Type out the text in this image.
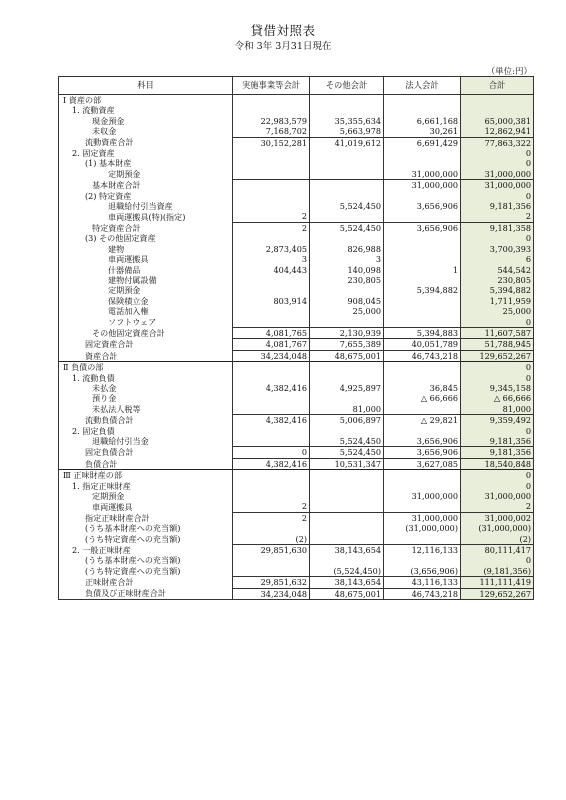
貸借対照表
令和 3年 3月31日現在
（単位:円）
科目	実施事業等会計	その他会計	法人会計	合計
Ⅰ 資産の部				
1. 流動資産				
現金預金	22,983,579	35,355,634	6,661,168	65,000,381
未収金	7,168,702	5,663,978	30,261	12,862,941
流動資産合計	30,152,281	41,019,612	6,691,429	77,863,322
2. 固定資産				0
(1) 基本財産				0
定期預金			31,000,000	31,000,000
基本財産合計			31,000,000	31,000,000
(2) 特定資産				0
退職給付引当資産		5,524,450	3,656,906	9,181,356
車両運搬具(特)(指定)	2			2
特定資産合計	2	5,524,450	3,656,906	9,181,358
(3) その他固定資産				0
建物	2,873,405	826,988		3,700,393
車両運搬具	3	3		6
什器備品	404,443	140,098	1	544,542
建物付属設備		230,805		230,805
定期預金			5,394,882	5,394,882
保険積立金	803,914	908,045		1,711,959
電話加入権		25,000		25,000
ソフトウェア				0
その他固定資産合計	4,081,765	2,130,939	5,394,883	11,607,587
固定資産合計	4,081,767	7,655,389	40,051,789	51,788,945
資産合計	34,234,048	48,675,001	46,743,218	129,652,267
Ⅱ 負債の部				0
1. 流動負債				0
未払金	4,382,416	4,925,897	36,845	9,345,158
預り金			△ 66,666	△ 66,666
未払法人税等		81,000		81,000
流動負債合計	4,382,416	5,006,897	△ 29,821	9,359,492
2. 固定負債				0
退職給付引当金		5,524,450	3,656,906	9,181,356
固定負債合計	0	5,524,450	3,656,906	9,181,356
負債合計	4,382,416	10,531,347	3,627,085	18,540,848
Ⅲ 正味財産の部				0
1. 指定正味財産				0
定期預金			31,000,000	31,000,000
車両運搬具	2			2
指定正味財産合計	2		31,000,000	31,000,002
(うち基本財産への充当額)			(31,000,000)	(31,000,000)
(うち特定資産への充当額)	(2)			(2)
2. 一般正味財産	29,851,630	38,143,654	12,116,133	80,111,417
(うち基本財産への充当額)				0
(うち特定資産への充当額)		(5,524,450)	(3,656,906)	(9,181,356)
正味財産合計	29,851,632	38,143,654	43,116,133	111,111,419
負債及び正味財産合計	34,234,048	48,675,001	46,743,218	129,652,267
